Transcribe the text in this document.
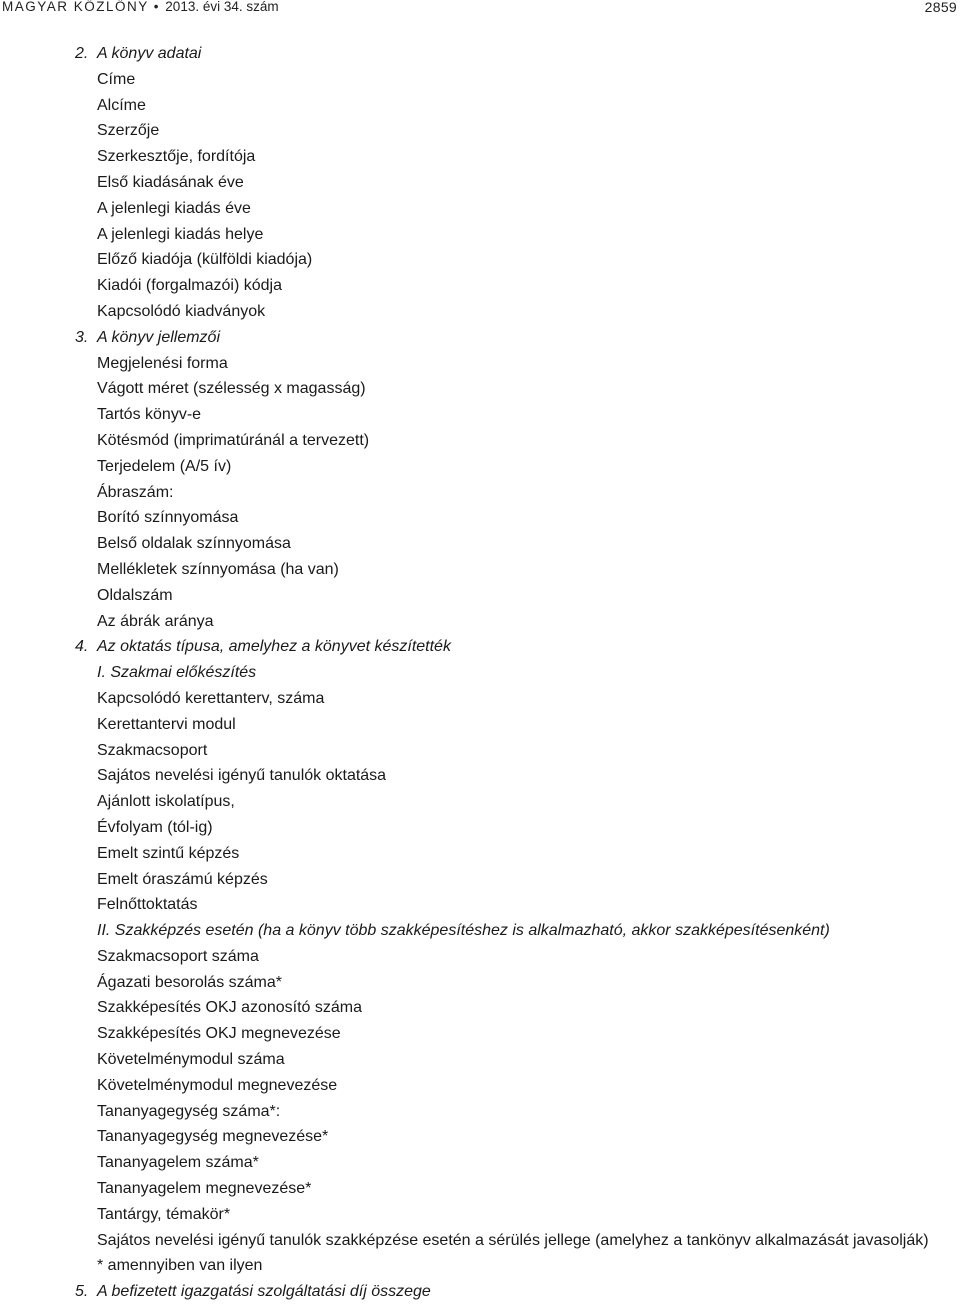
MAGYAR KÖZLÖNY • 2013. évi 34. szám	2859
2. A könyv adatai
Címe
Alcíme
Szerzője
Szerkesztője, fordítója
Első kiadásának éve
A jelenlegi kiadás éve
A jelenlegi kiadás helye
Előző kiadója (külföldi kiadója)
Kiadói (forgalmazói) kódja
Kapcsolódó kiadványok
3. A könyv jellemzői
Megjelenési forma
Vágott méret (szélesség x magasság)
Tartós könyv-e
Kötésmód (imprimatúránál a tervezett)
Terjedelem (A/5 ív)
Ábraszám:
Borító színnyomása
Belső oldalak színnyomása
Mellékletek színnyomása (ha van)
Oldalszám
Az ábrák aránya
4. Az oktatás típusa, amelyhez a könyvet készítették
I. Szakmai előkészítés
Kapcsolódó kerettanterv, száma
Kerettantervi modul
Szakmacsoport
Sajátos nevelési igényű tanulók oktatása
Ajánlott iskolatípus,
Évfolyam (tól-ig)
Emelt szintű képzés
Emelt óraszámú képzés
Felnőttoktatás
II. Szakképzés esetén (ha a könyv több szakképesítéshez is alkalmazható, akkor szakképesítésenként)
Szakmacsoport száma
Ágazati besorolás száma*
Szakképesítés OKJ azonosító száma
Szakképesítés OKJ megnevezése
Követelménymodul száma
Követelménymodul megnevezése
Tananyagegység száma*:
Tananyagegység megnevezése*
Tananyagelem száma*
Tananyagelem megnevezése*
Tantárgy, témakör*
Sajátos nevelési igényű tanulók szakképzése esetén a sérülés jellege (amelyhez a tankönyv alkalmazását javasolják)
* amennyiben van ilyen
5. A befizetett igazgatási szolgáltatási díj összege
